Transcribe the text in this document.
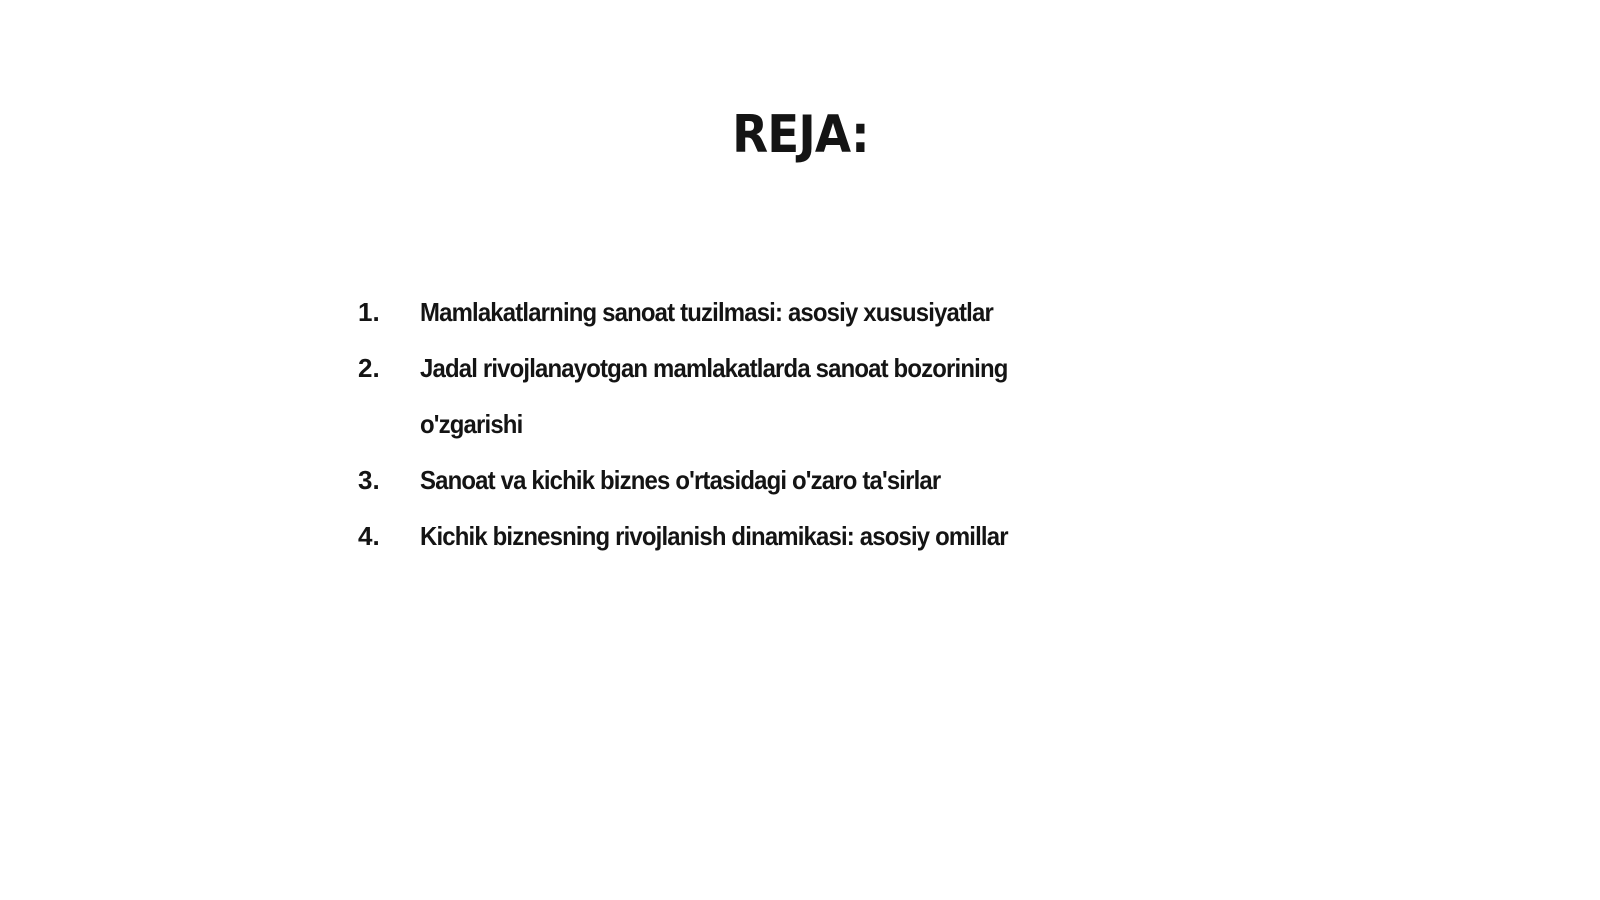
REJA:
1.	Mamlakatlarning sanoat tuzilmasi: asosiy xususiyatlar
2.	Jadal rivojlanayotgan mamlakatlarda sanoat bozorining o'zgarishi
3.	Sanoat va kichik biznes o'rtasidagi o'zaro ta'sirlar
4.	Kichik biznesning rivojlanish dinamikasi: asosiy omillar
